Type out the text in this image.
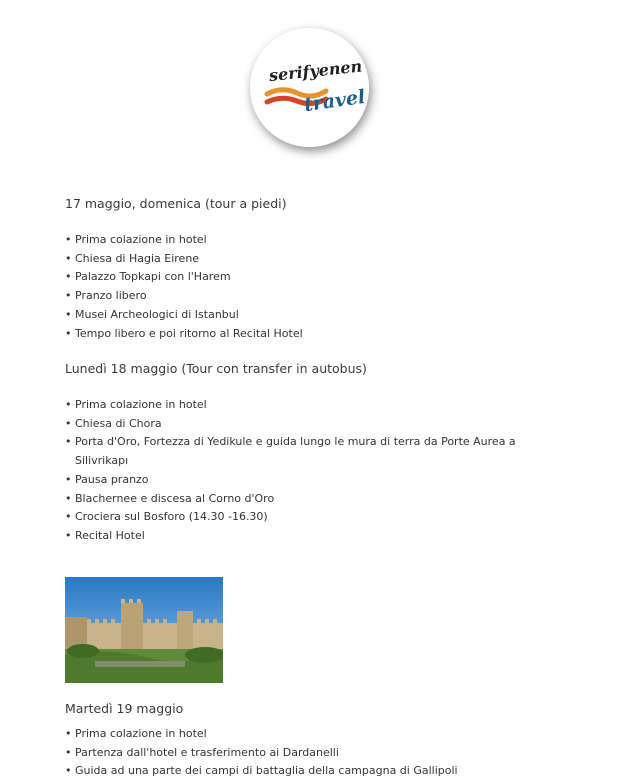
serifyenen
travel
17 maggio, domenica (tour a piedi)
• Prima colazione in hotel
• Chiesa di Hagia Eirene
• Palazzo Topkapi con l'Harem
• Pranzo libero
• Musei Archeologici di Istanbul
• Tempo libero e poi ritorno al Recital Hotel
Lunedì 18 maggio (Tour con transfer in autobus)
• Prima colazione in hotel
• Chiesa di Chora
• Porta d'Oro, Fortezza di Yedikule e guida lungo le mura di terra da Porte Aurea a Silivrikapı
• Pausa pranzo
• Blachernee e discesa al Corno d'Oro
• Crociera sul Bosforo (14.30 -16.30)
• Recital Hotel
Martedì 19 maggio
• Prima colazione in hotel
• Partenza dall'hotel e trasferimento ai Dardanelli
• Guida ad una parte dei campi di battaglia della campagna di Gallipoli
